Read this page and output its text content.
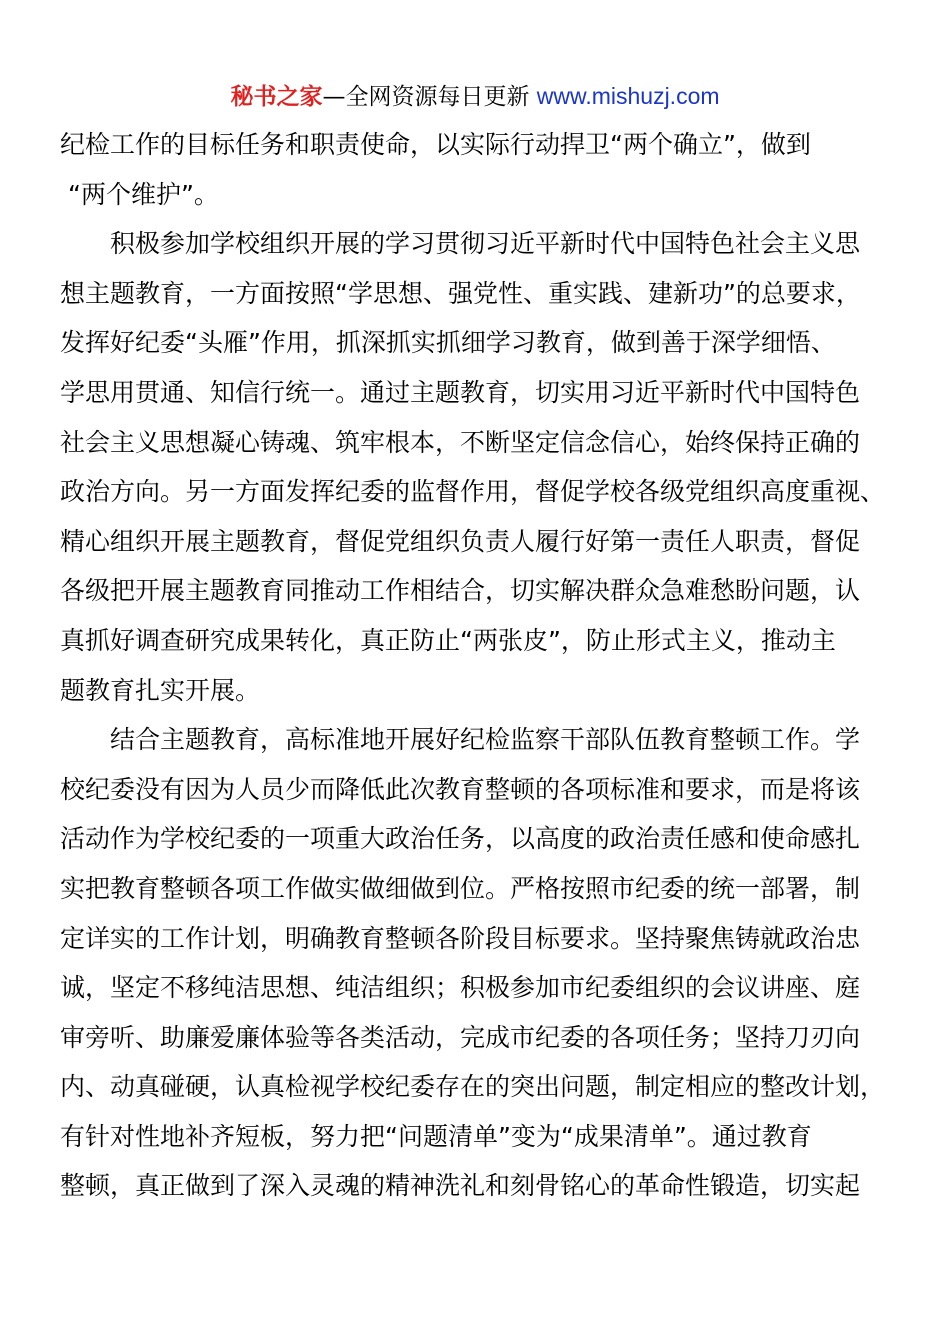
秘书之家—全网资源每日更新 www.mishuzj.com
纪检工作的目标任务和职责使命，以实际行动捍卫“两个确立”，做到
“两个维护”。
积极参加学校组织开展的学习贯彻习近平新时代中国特色社会主义思
想主题教育，一方面按照“学思想、强党性、重实践、建新功”的总要求，
发挥好纪委“头雁”作用，抓深抓实抓细学习教育，做到善于深学细悟、
学思用贯通、知信行统一。通过主题教育，切实用习近平新时代中国特色
社会主义思想凝心铸魂、筑牢根本，不断坚定信念信心，始终保持正确的
政治方向。另一方面发挥纪委的监督作用，督促学校各级党组织高度重视、
精心组织开展主题教育，督促党组织负责人履行好第一责任人职责，督促
各级把开展主题教育同推动工作相结合，切实解决群众急难愁盼问题，认
真抓好调查研究成果转化，真正防止“两张皮”，防止形式主义，推动主
题教育扎实开展。
结合主题教育，高标准地开展好纪检监察干部队伍教育整顿工作。学
校纪委没有因为人员少而降低此次教育整顿的各项标准和要求，而是将该
活动作为学校纪委的一项重大政治任务，以高度的政治责任感和使命感扎
实把教育整顿各项工作做实做细做到位。严格按照市纪委的统一部署，制
定详实的工作计划，明确教育整顿各阶段目标要求。坚持聚焦铸就政治忠
诚，坚定不移纯洁思想、纯洁组织；积极参加市纪委组织的会议讲座、庭
审旁听、助廉爱廉体验等各类活动，完成市纪委的各项任务；坚持刀刃向
内、动真碰硬，认真检视学校纪委存在的突出问题，制定相应的整改计划，
有针对性地补齐短板，努力把“问题清单”变为“成果清单”。通过教育
整顿，真正做到了深入灵魂的精神洗礼和刻骨铭心的革命性锻造，切实起
